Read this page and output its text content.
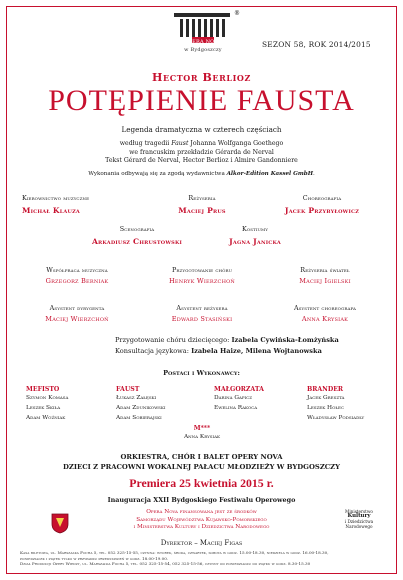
OPERA NOVA
w Bydgoszczy
®
SEZON 58, ROK 2014/2015
Hector Berlioz
POTĘPIENIE FAUSTA
Legenda dramatyczna w czterech częściach
według tragedii Faust Johanna Wolfganga Goethego
we francuskim przekładzie Gérarda de Nerval
Tekst Gérard de Nerval, Hector Berlioz i Almire Gandonniere
Wykonania odbywają się za zgodą wydawnictwa Alkor-Edition Kassel GmbH.
Kierownictwo muzyczne
Michał Klauza
Reżyseria
Maciej Prus
Choreografia
Jacek Przybyłowicz
Scenografia
Arkadiusz Chrustowski
Kostiumy
Jagna Janicka
Współpraca muzyczna
Grzegorz Berniak
Przygotowanie chóru
Henryk Wierzchoń
Reżyseria świateł
Maciej Igielski
Asystent dyrygenta
Maciej Wierzchoń
Asystent reżysera
Edward Stasiński
Asystent choreografa
Anna Krysiak
Przygotowanie chóru dziecięcego: Izabela Cywińska-Łomżyńska
Konsultacja językowa: Izabela Haize, Milena Wojtanowska
Postaci i Wykonawcy:
MEFISTO
Szymon Komasa
Leszek Skiła
Adam Woźniak
FAUST
Łukasz Załęski
Adam Zdunikowski
Adam Sobierajski
MAŁGORZATA
Darina Gapicz
Ewelina Rakoca
BRANDER
Jacek Greszta
Leszek Hołec
Władysław Podsiadły
M***
Anna Krysiak
ORKIESTRA, CHÓR I BALET OPERY NOVA
DZIECI Z PRACOWNI WOKALNEJ PAŁACU MŁODZIEŻY W BYDGOSZCZY
Premiera 25 kwietnia 2015 r.
Inauguracja XXII Bydgoskiego Festiwalu Operowego
Opera Nova finansowana jest ze środków
Samorządu Województwa Kujawsko-Pomorskiego
i Ministerstwa Kultury i Dziedzictwa Narodowego
Ministerstwo
Kultury
i Dziedzictwa
Narodowego
Dyrektor – Maciej Figas
Kasa biletowa, ul. Marszałka Focha 5, tel. 052 325-15-55, czynna: wtorek, środa, czwartek, sobota w godz. 15.00-18.30, niedziela w godz. 16.00-18.30,
poniedziałek i piątek tylko w przypadku przedstawień w godz. 18.00-19.00.
Dział Produkcji Opery Wiedzy, ul. Marszałka Focha 5, tel. 052 325-15-54, 052 325-15-56, czynny od poniedziałku do piątku w godz. 8.30-15.30
